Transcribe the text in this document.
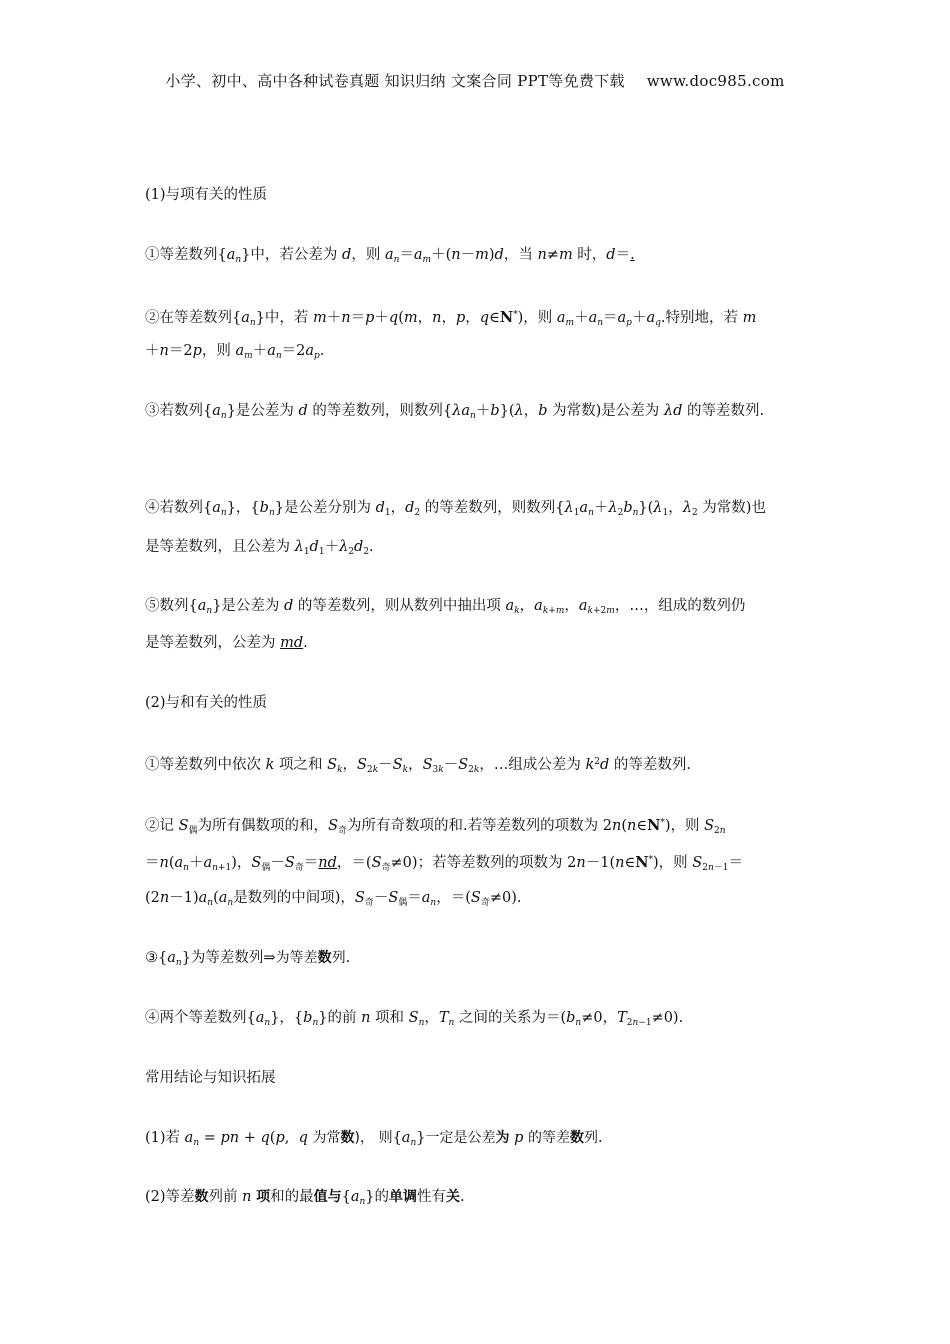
小学、初中、高中各种试卷真题 知识归纳 文案合同 PPT等免费下载 www.doc985.com
(1)与项有关的性质
①等差数列$\{a_n\}$中，若公差为 d，则 $a_n=a_m+(n-m)d$，当 n≠m 时，d＝.
②在等差数列$\{a_n\}$中，若 m＋n＝p＋q(m，n，p，q∈N*)，则 $a_m+a_n=a_p+a_q$.特别地，若 m
＋n＝2p，则 $a_m+a_n=2a_p$.
③若数列$\{a_n\}$是公差为 d 的等差数列，则数列$\{\lambda a_n+b\}(\lambda$，b 为常数)是公差为 λd 的等差数列.
④若数列$\{a_n\}$，$\{b_n\}$是公差分别为 $d_1$，$d_2$ 的等差数列，则数列$\{\lambda_1a_n+\lambda_2b_n\}(\lambda_1$，$\lambda_2$ 为常数)也
是等差数列，且公差为 $\lambda_1d_1+\lambda_2d_2$.
⑤数列$\{a_n\}$是公差为 d 的等差数列，则从数列中抽出项 $a_k$，$a_{k+m}$，$a_{k+2m}$，…，组成的数列仍
是等差数列，公差为 md.
(2)与和有关的性质
①等差数列中依次 k 项之和 $S_k$，$S_{2k}-S_k$，$S_{3k}-S_{2k}$，…组成公差为 $k^2d$ 的等差数列.
②记 $S_偶$为所有偶数项的和，$S_奇$为所有奇数项的和.若等差数列的项数为 2n(n∈N*)，则 $S_{2n}$
$=n(a_n+a_{n+1})$，$S_偶-S_奇=nd$，$=(S_奇\ne 0)$；若等差数列的项数为 2n－1(n∈N*)，则 $S_{2n-1}=$
$(2n-1)a_n(a_n$是数列的中间项)，$S_奇-S_偶=a_n$，$=(S_奇\ne 0)$.
$③\{a_n\}$为等差数列⇒为等差数列.
④两个等差数列$\{a_n\}$，$\{b_n\}$的前 n 项和 $S_n$，$T_n$ 之间的关系为$=(b_n\ne 0$，$T_{2n-1}\ne 0$).
常用结论与知识拓展
(1)若 $a_n$ = pn + q(p,  q 为常数)， 则$\{a_n\}$一定是公差为 p 的等差数列.
(2)等差数列前 n 项和的最值与$\{a_n\}$的单调性有关.
